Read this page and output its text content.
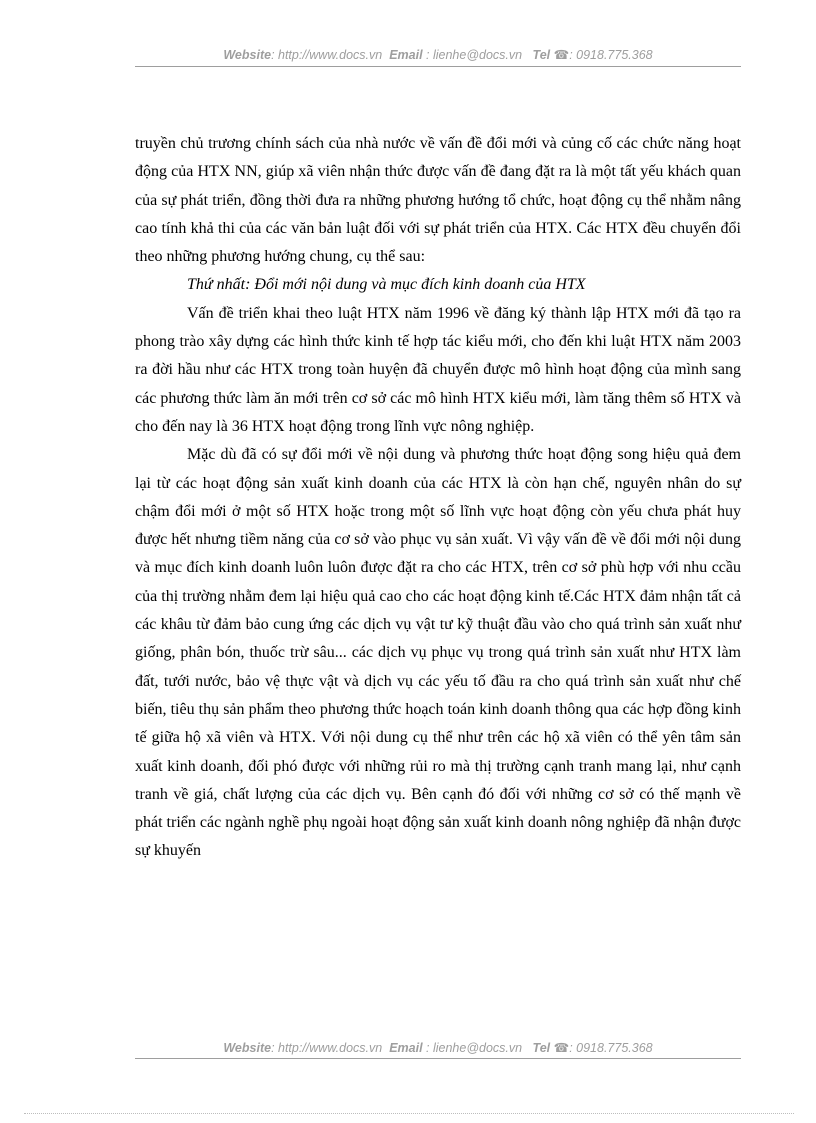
Website: http://www.docs.vn Email : lienhe@docs.vn Tel ☎: 0918.775.368

truyền chủ trương chính sách của nhà nước về vấn đề đổi mới và củng cố các chức năng hoạt động của HTX NN, giúp xã viên nhận thức được vấn đề đang đặt ra là một tất yếu khách quan của sự phát triển, đồng thời đưa ra những phương hướng tổ chức, hoạt động cụ thể nhằm nâng cao tính khả thi của các văn bản luật đối với sự phát triển của HTX. Các HTX đều chuyển đổi theo những phương hướng chung, cụ thể sau:

Thứ nhất: Đổi mới nội dung và mục đích kinh doanh của HTX

Vấn đề triển khai theo luật HTX năm 1996 về đăng ký thành lập HTX mới đã tạo ra phong trào xây dựng các hình thức kinh tế hợp tác kiểu mới, cho đến khi luật HTX năm 2003 ra đời hầu như các HTX trong toàn huyện đã chuyển được mô hình hoạt động của mình sang các phương thức làm ăn mới trên cơ sở các mô hình HTX kiểu mới, làm tăng thêm số HTX và cho đến nay là 36 HTX hoạt động trong lĩnh vực nông nghiệp.

Mặc dù đã có sự đổi mới về nội dung và phương thức hoạt động song hiệu quả đem lại từ các hoạt động sản xuất kinh doanh của các HTX là còn hạn chế, nguyên nhân do sự chậm đổi mới ở một số HTX hoặc trong một số lĩnh vực hoạt động còn yếu chưa phát huy được hết nhưng tiềm năng của cơ sở vào phục vụ sản xuất. Vì vậy vấn đề về đổi mới nội dung và mục đích kinh doanh luôn luôn được đặt ra cho các HTX, trên cơ sở phù hợp với nhu ccầu của thị trường nhằm đem lại hiệu quả cao cho các hoạt động kinh tế.Các HTX đảm nhận tất cả các khâu từ đảm bảo cung ứng các dịch vụ vật tư kỹ thuật đầu vào cho quá trình sản xuất như giống, phân bón, thuốc trừ sâu... các dịch vụ phục vụ trong quá trình sản xuất như HTX làm đất, tưới nước, bảo vệ thực vật và dịch vụ các yếu tố đầu ra cho quá trình sản xuất như chế biến, tiêu thụ sản phẩm theo phương thức hoạch toán kinh doanh thông qua các hợp đồng kinh tế giữa hộ xã viên và HTX. Với nội dung cụ thể như trên các hộ xã viên có thể yên tâm sản xuất kinh doanh, đối phó được với những rủi ro mà thị trường cạnh tranh mang lại, như cạnh tranh về giá, chất lượng của các dịch vụ. Bên cạnh đó đối với những cơ sở có thế mạnh về phát triển các ngành nghề phụ ngoài hoạt động sản xuất kinh doanh nông nghiệp đã nhận được sự khuyến

Website: http://www.docs.vn Email : lienhe@docs.vn Tel ☎: 0918.775.368
